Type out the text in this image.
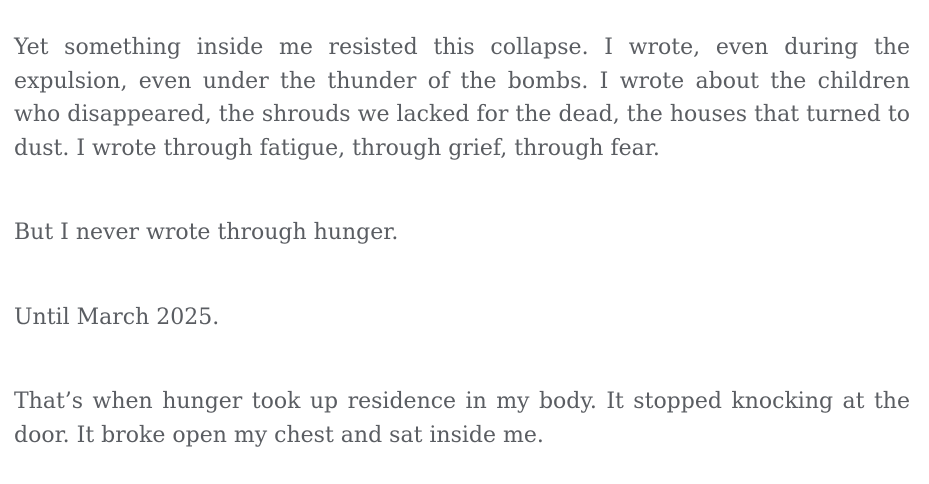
Yet something inside me resisted this collapse. I wrote, even during the expulsion, even under the thunder of the bombs. I wrote about the children who disappeared, the shrouds we lacked for the dead, the houses that turned to dust. I wrote through fatigue, through grief, through fear.

But I never wrote through hunger.

Until March 2025.

That’s when hunger took up residence in my body. It stopped knocking at the door. It broke open my chest and sat inside me.
